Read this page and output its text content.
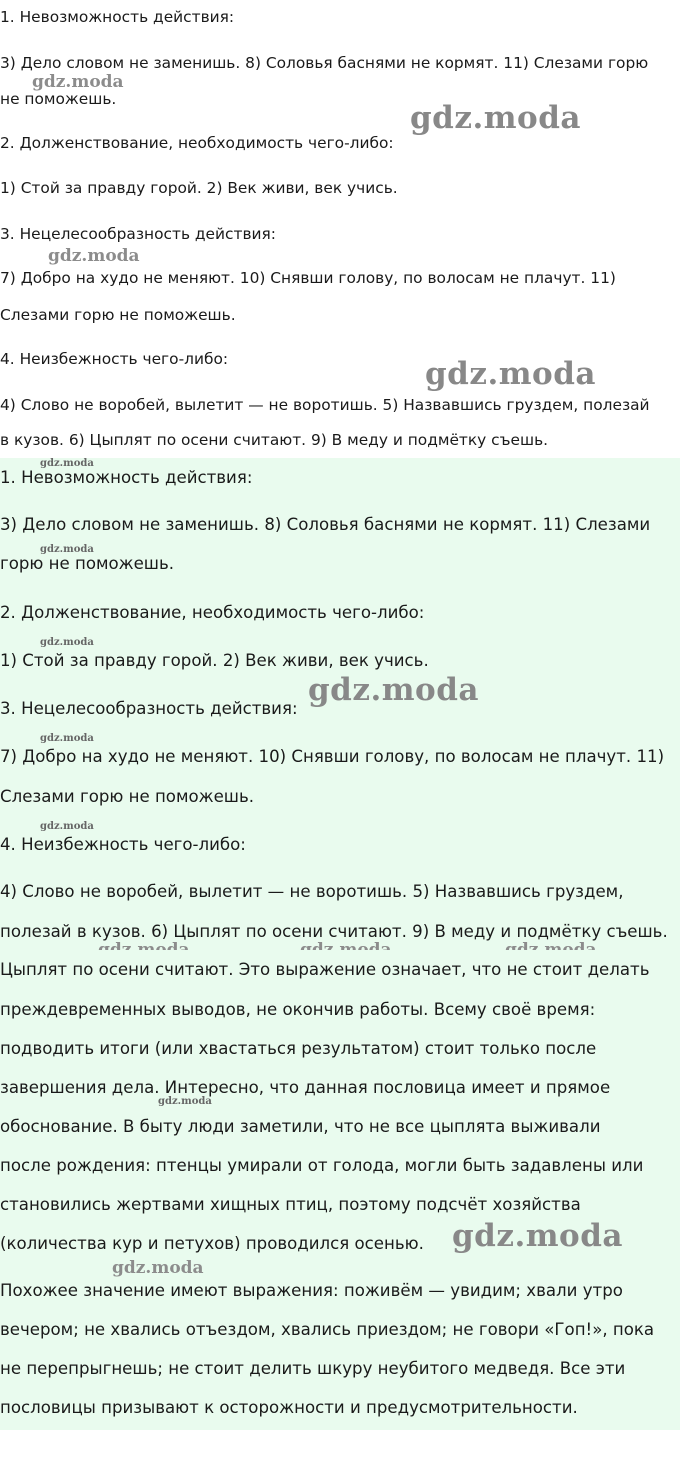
1. Невозможность действия:
3) Дело словом не заменишь. 8) Соловья баснями не кормят. 11) Слезами горю
не поможешь.
2. Долженствование, необходимость чего-либо:
1) Стой за правду горой. 2) Век живи, век учись.
3. Нецелесообразность действия:
7) Добро на худо не меняют. 10) Снявши голову, по волосам не плачут. 11)
Слезами горю не поможешь.
4. Неизбежность чего-либо:
4) Слово не воробей, вылетит — не воротишь. 5) Назвавшись груздем, полезай
в кузов. 6) Цыплят по осени считают. 9) В меду и подмётку съешь.
gdz.moda
gdz.moda
gdz.moda
gdz.moda
1. Невозможность действия:
3) Дело словом не заменишь. 8) Соловья баснями не кормят. 11) Слезами
горю не поможешь.
2. Долженствование, необходимость чего-либо:
1) Стой за правду горой. 2) Век живи, век учись.
3. Нецелесообразность действия:
7) Добро на худо не меняют. 10) Снявши голову, по волосам не плачут. 11)
Слезами горю не поможешь.
4. Неизбежность чего-либо:
4) Слово не воробей, вылетит — не воротишь. 5) Назвавшись груздем,
полезай в кузов. 6) Цыплят по осени считают. 9) В меду и подмётку съешь.
gdz.moda
gdz.moda
gdz.moda
gdz.moda
gdz.moda
gdz.moda
Цыплят по осени считают. Это выражение означает, что не стоит делать
преждевременных выводов, не окончив работы. Всему своё время:
подводить итоги (или хвастаться результатом) стоит только после
завершения дела. Интересно, что данная пословица имеет и прямое
обоснование. В быту люди заметили, что не все цыплята выживали
после рождения: птенцы умирали от голода, могли быть задавлены или
становились жертвами хищных птиц, поэтому подсчёт хозяйства
(количества кур и петухов) проводился осенью.
Похожее значение имеют выражения: поживём — увидим; хвали утро
вечером; не хвались отъездом, хвались приездом; не говори «Гоп!», пока
не перепрыгнешь; не стоит делить шкуру неубитого медведя. Все эти
пословицы призывают к осторожности и предусмотрительности.
gdz.moda
gdz.moda
gdz.moda
